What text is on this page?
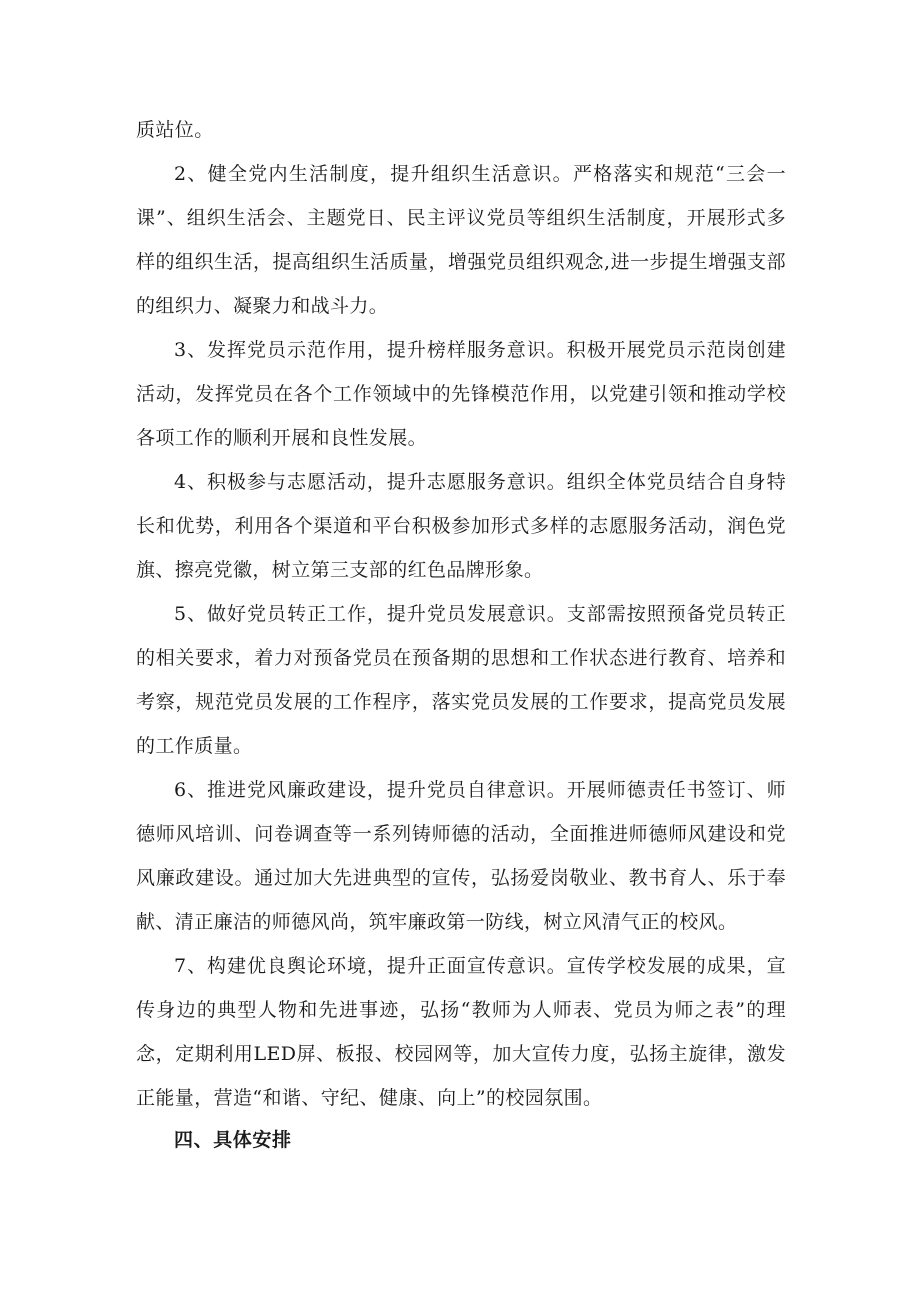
质站位。

2、健全党内生活制度，提升组织生活意识。严格落实和规范“三会一课”、组织生活会、主题党日、民主评议党员等组织生活制度，开展形式多样的组织生活，提高组织生活质量，增强党员组织观念,进一步提生增强支部的组织力、凝聚力和战斗力。

3、发挥党员示范作用，提升榜样服务意识。积极开展党员示范岗创建活动，发挥党员在各个工作领域中的先锋模范作用，以党建引领和推动学校各项工作的顺利开展和良性发展。

4、积极参与志愿活动，提升志愿服务意识。组织全体党员结合自身特长和优势，利用各个渠道和平台积极参加形式多样的志愿服务活动，润色党旗、擦亮党徽，树立第三支部的红色品牌形象。

5、做好党员转正工作，提升党员发展意识。支部需按照预备党员转正的相关要求，着力对预备党员在预备期的思想和工作状态进行教育、培养和考察，规范党员发展的工作程序，落实党员发展的工作要求，提高党员发展的工作质量。

6、推进党风廉政建设，提升党员自律意识。开展师德责任书签订、师德师风培训、问卷调查等一系列铸师德的活动，全面推进师德师风建设和党风廉政建设。通过加大先进典型的宣传，弘扬爱岗敬业、教书育人、乐于奉献、清正廉洁的师德风尚，筑牢廉政第一防线，树立风清气正的校风。

7、构建优良舆论环境，提升正面宣传意识。宣传学校发展的成果，宣传身边的典型人物和先进事迹，弘扬“教师为人师表、党员为师之表”的理念，定期利用LED屏、板报、校园网等，加大宣传力度，弘扬主旋律，激发正能量，营造“和谐、守纪、健康、向上”的校园氛围。

四、具体安排
